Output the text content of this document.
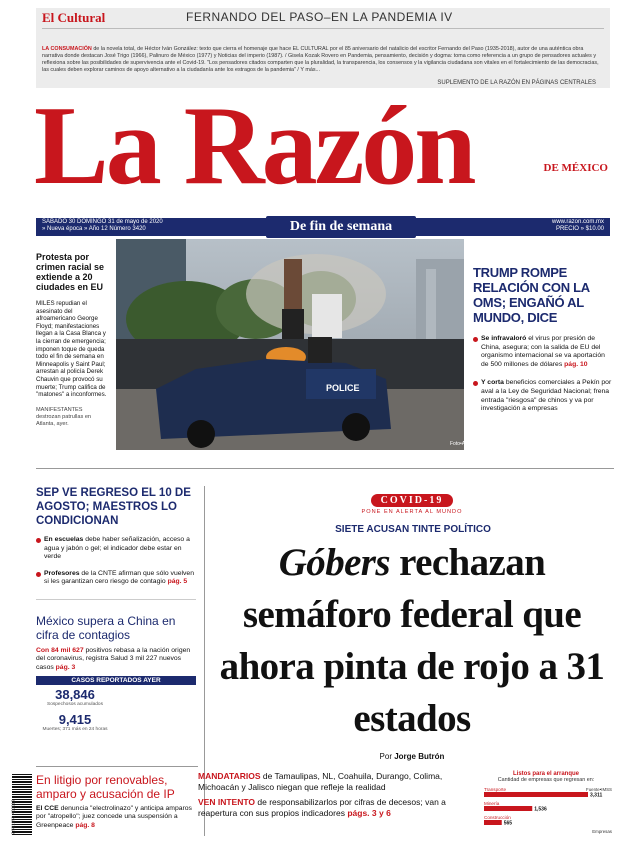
El Cultural	FERNANDO DEL PASO–EN LA PANDEMIA IV
LA CONSUMACIÓN de la novela total, de Héctor Iván González: texto que cierra el homenaje que hace EL CULTURAL por el 85 aniversario del natalicio del escritor Fernando del Paso (1935-2018), autor de una auténtica obra narrativa donde destacan José Trigo (1966), Palinuro de México (1977) y Noticias del imperio (1987). / Gisela Kozak Rovero en Pandemia, pensamiento, decisión y dogma: toma como referencia a un grupo de pensadores actuales y reflexiona sobre las posibilidades de supervivencia ante el Covid-19. "Los pensadores citados comparten que la pluralidad, la transparencia, los consensos y la vigilancia ciudadana son vitales en el fortalecimiento de las democracias, las cuales deben explorar caminos de apoyo alternativo a la ciudadanía ante los estragos de la pandemia" / Y más...
SUPLEMENTO DE LA RAZÓN EN PÁGINAS CENTRALES
La Razón	DE MÉXICO
SÁBADO 30 DOMINGO 31 de mayo de 2020
» Nueva época » Año 12 Número 3420	De fin de semana	www.razon.com.mx
PRECIO » $10.00
Protesta por crimen racial se extiende a 20 ciudades en EU
MILES repudian el asesinato del afroamericano George Floyd; manifestaciones llegan a la Casa Blanca y la cierran de emergencia; imponen toque de queda todo el fin de semana en Minneapolis y Saint Paul; arrestan al policía Derek Chauvin que provocó su muerte; Trump califica de "matones" a inconformes.
MANIFESTANTES destrozan patrullas en Atlanta, ayer.
POLICE
Foto•AP
TRUMP ROMPE RELACIÓN CON LA OMS; ENGAÑÓ AL MUNDO, DICE
Se infravaloró el virus por presión de China, asegura; con la salida de EU del organismo internacional se va aportación de 500 millones de dólares pág. 10
Y corta beneficios comerciales a Pekín por aval a la Ley de Seguridad Nacional; frena entrada "riesgosa" de chinos y va por investigación a empresas
SEP VE REGRESO EL 10 DE AGOSTO; MAESTROS LO CONDICIONAN
En escuelas debe haber señalización, acceso a agua y jabón o gel; el indicador debe estar en verde
Profesores de la CNTE afirman que sólo vuelven si les garantizan cero riesgo de contagio pág. 5
México supera a China en cifra de contagios
Con 84 mil 627 positivos rebasa a la nación origen del coronavirus, registra Salud 3 mil 227 nuevos casos pág. 3
CASOS REPORTADOS AYER
38,846
Sospechosos acumulados

9,415
Muertes; 371 más en 24 horas
7 501051 400019
En litigio por renovables, amparo y acusación de IP
El CCE denuncia "electrolinazo" y anticipa amparos por "atropello"; juez concede una suspensión a Greenpeace pág. 8
COVID-19
PONE EN ALERTA AL MUNDO
SIETE ACUSAN TINTE POLÍTICO
Góbers rechazan semáforo federal que ahora pinta de rojo a 31 estados
Por Jorge Butrón
MANDATARIOS de Tamaulipas, NL, Coahuila, Durango, Colima, Michoacán y Jalisco niegan que refleje la realidad
VEN INTENTO de responsabilizarlos por cifras de decesos; van a reapertura con sus propios indicadores págs. 3 y 6
Listos para el arranque
Cantidad de empresas que regresan en:
Transporte
3,311
Minería
1,536
Construcción
565
Fuente•IMSS
Empresas
